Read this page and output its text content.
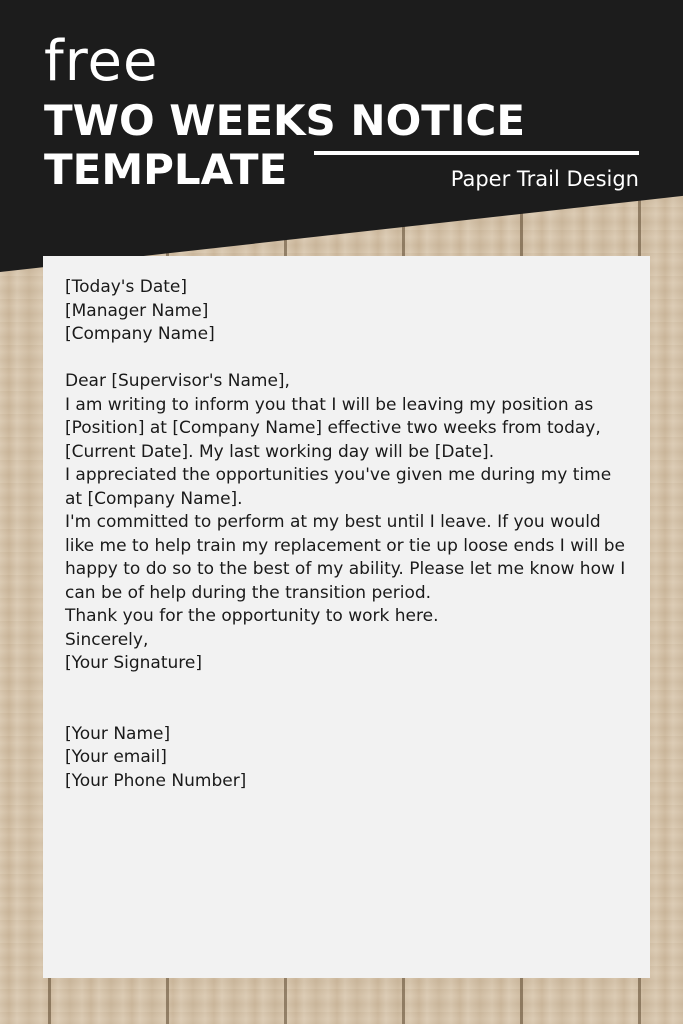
free
TWO WEEKS NOTICE
TEMPLATE	Paper Trail Design

[Today's Date]

[Manager Name]

[Company Name]

Dear [Supervisor's Name],

I am writing to inform you that I will be leaving my position as [Position] at [Company Name] effective two weeks from today, [Current Date]. My last working day will be [Date].

I appreciated the opportunities you've given me during my time at [Company Name].

I'm committed to perform at my best until I leave. If you would like me to help train my replacement or tie up loose ends I will be happy to do so to the best of my ability. Please let me know how I can be of help during the transition period.

Thank you for the opportunity to work here.

Sincerely,

[Your Signature]

[Your Name]

[Your email]

[Your Phone Number]
